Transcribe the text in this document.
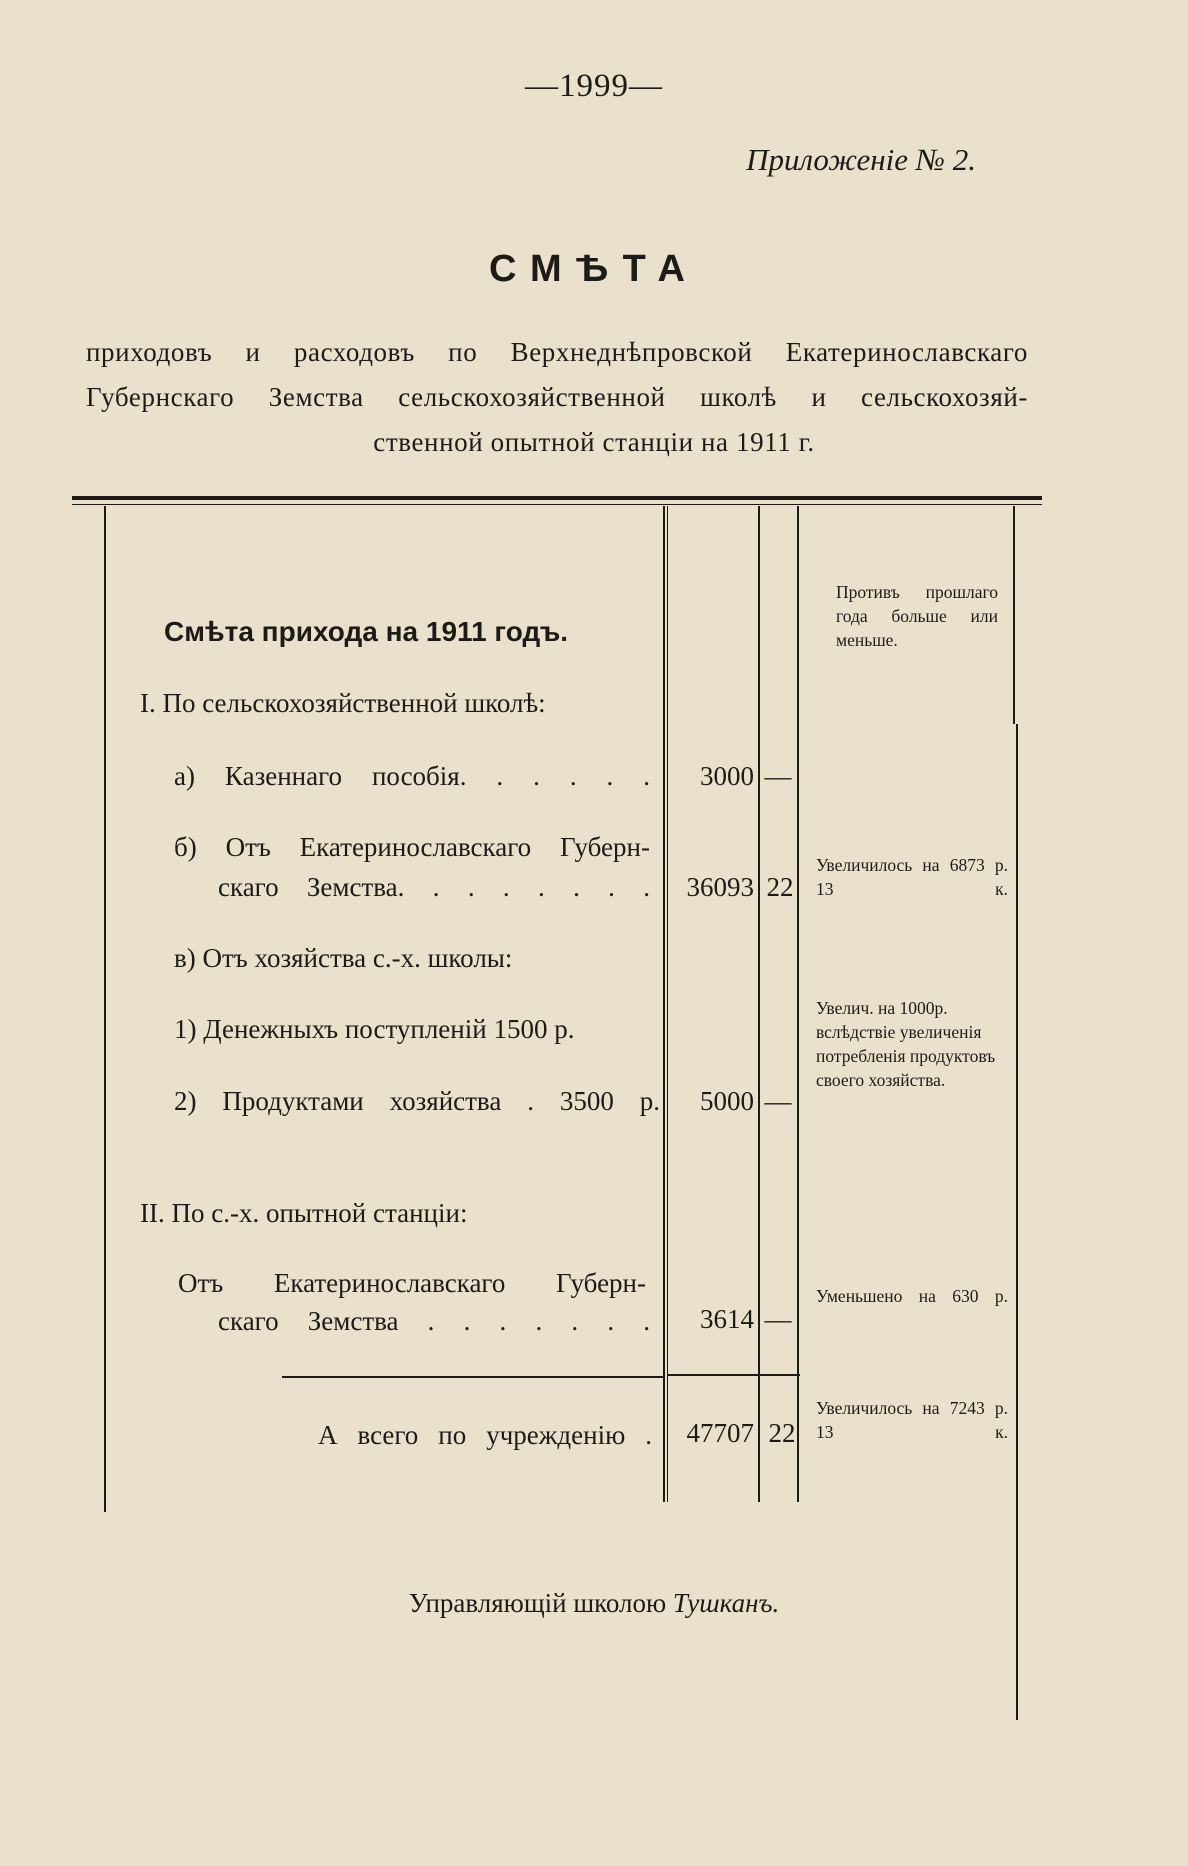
—1999—
Приложеніе № 2.
СМѢТА
приходовъ и расходовъ по Верхнеднѣпровской Екатеринославскаго
Губернскаго Земства сельскохозяйственной школѣ и сельскохозяй-
ственной опытной станціи на 1911 г.
Противъ прошлаго года больше или меньше.
Смѣта прихода на 1911 годъ.
I. По сельскохозяйственной школѣ:
а) Казеннаго пособія. . . . . .	3000 —
б) Отъ Екатеринославскаго Губерн-
скаго Земства. . . . . . . .	36093 22
Увеличилось на 6873 р. 13 к.
в) Отъ хозяйства с.-х. школы:
1) Денежныхъ поступленій 1500 р.
2) Продуктами хозяйства . 3500 р.	5000 —
Увелич. на 1000р. вслѣдствіе увеличенія потребленія продуктовъ своего хозяйства.
II. По с.-х. опытной станціи:
Отъ Екатеринославскаго Губерн-
скаго Земства . . . . . . .	3614 —
Уменьшено на 630 р.
А всего по учрежденію .	47707 22
Увеличилось на 7243 р. 13 к.
Управляющій школою Тушканъ.
